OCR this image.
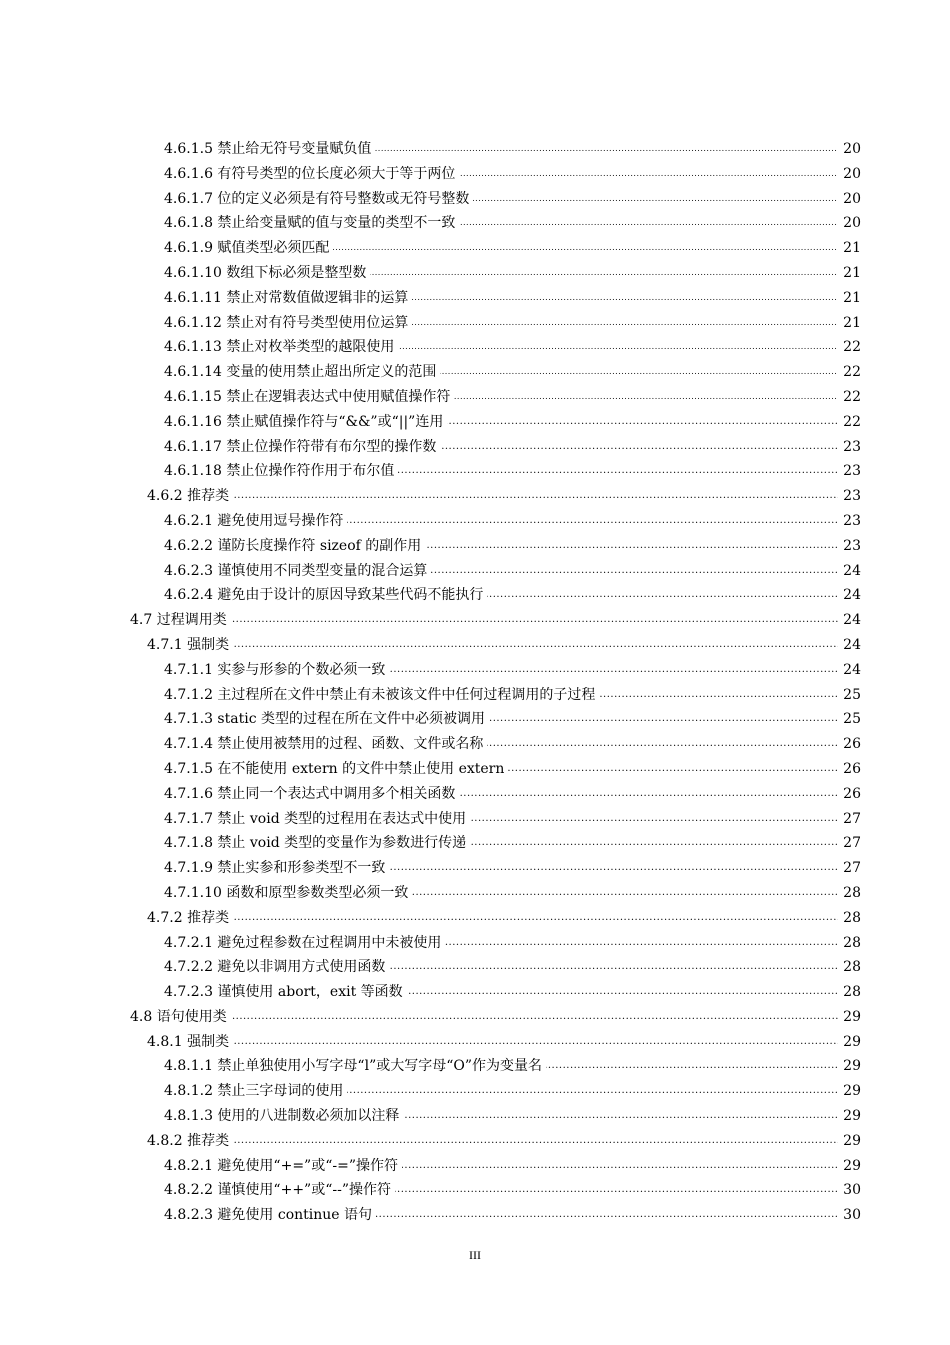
.....
4.6.1.5 禁止给无符号变量赋负值	20
.....
4.6.1.6 有符号类型的位长度必须大于等于两位	20
.....
4.6.1.7 位的定义必须是有符号整数或无符号整数	20
.....
4.6.1.8 禁止给变量赋的值与变量的类型不一致	20
.....
4.6.1.9 赋值类型必须匹配	21
.....
4.6.1.10 数组下标必须是整型数	21
.....
4.6.1.11 禁止对常数值做逻辑非的运算	21
.....
4.6.1.12 禁止对有符号类型使用位运算	21
.....
4.6.1.13 禁止对枚举类型的越限使用	22
.....
4.6.1.14 变量的使用禁止超出所定义的范围	22
.....
4.6.1.15 禁止在逻辑表达式中使用赋值操作符	22
.....
4.6.1.16 禁止赋值操作符与“&&”或“||”连用	22
.....
4.6.1.17 禁止位操作符带有布尔型的操作数	23
.....
4.6.1.18 禁止位操作符作用于布尔值	23
.....
4.6.2 推荐类	23
.....
4.6.2.1 避免使用逗号操作符	23
.....
4.6.2.2 谨防长度操作符 sizeof 的副作用	23
.....
4.6.2.3 谨慎使用不同类型变量的混合运算	24
.....
4.6.2.4 避免由于设计的原因导致某些代码不能执行	24
.....
4.7 过程调用类	24
.....
4.7.1 强制类	24
.....
4.7.1.1 实参与形参的个数必须一致	24
.....
4.7.1.2 主过程所在文件中禁止有未被该文件中任何过程调用的子过程	25
.....
4.7.1.3 static 类型的过程在所在文件中必须被调用	25
.....
4.7.1.4 禁止使用被禁用的过程、函数、文件或名称	26
.....
4.7.1.5 在不能使用 extern 的文件中禁止使用 extern	26
.....
4.7.1.6 禁止同一个表达式中调用多个相关函数	26
.....
4.7.1.7 禁止 void 类型的过程用在表达式中使用	27
.....
4.7.1.8 禁止 void 类型的变量作为参数进行传递	27
.....
4.7.1.9 禁止实参和形参类型不一致	27
.....
4.7.1.10 函数和原型参数类型必须一致	28
.....
4.7.2 推荐类	28
.....
4.7.2.1 避免过程参数在过程调用中未被使用	28
.....
4.7.2.2 避免以非调用方式使用函数	28
.....
4.7.2.3 谨慎使用 abort，exit 等函数	28
.....
4.8 语句使用类	29
.....
4.8.1 强制类	29
.....
4.8.1.1 禁止单独使用小写字母“l”或大写字母“O”作为变量名	29
.....
4.8.1.2 禁止三字母词的使用	29
.....
4.8.1.3 使用的八进制数必须加以注释	29
.....
4.8.2 推荐类	29
.....
4.8.2.1 避免使用“+=”或“-=”操作符	29
.....
4.8.2.2 谨慎使用“++”或“--”操作符	30
.....
4.8.2.3 避免使用 continue 语句	30
III
